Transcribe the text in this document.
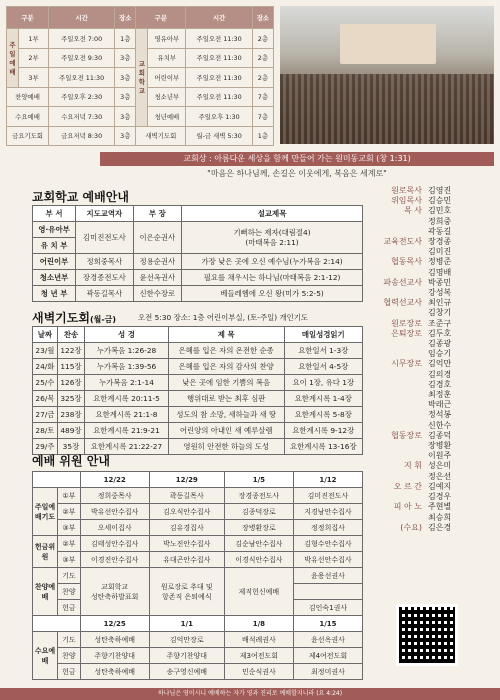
구분		시간	장소	구분		시간	장소
주일예배	1부	주일오전 7:00	1층	교회학교	영유아부	주일오전 11:30	2층
	2부	주일오전 9:30	3층		유치부	주일오전 11:30	2층
	3부	주일오전 11:30	3층		어린이부	주일오전 11:30	2층
찬양예배		주일오후 2:30	3층		청소년부	주일오전 11:30	7층
수요예배		수요저녁 7:30	3층		청년예배	주일오후 1:30	7층
금요기도회		금요저녁 8:30	3층	새벽기도회		월-금 새벽 5:30	1층
교회상 : 아름다운 세상을 함께 만들어 가는 원미동교회 (창 1:31)
"마음은 하나님께, 손길은 이웃에게, 복음은 세계로"
교회학교 예배안내
부 서	지도교역자	부 장	설교제목
영·유아부	김미진전도사	이은순권사	기뻐하는 제자(대림절4)
(마태복음 2:11)
유 치 부			
어린이부	정희중목사	정용순권사	가장 낮은 곳에 오신 예수님(누가복음 2:14)
청소년부	장경종전도사	윤선옥권사	필요를 채우시는 하나님(마태복음 2:1-12)
청 년 부	곽동길목사	신한수장로	베들레헴에 오신 왕(미가 5:2-5)
새벽기도회(월-금)	오전 5:30 장소: 1층 어린이부실, (토-주일) 개인기도
날짜	찬송	성 경	제 목	매일성경읽기
23/월	122장	누가복음 1:26-28	은혜를 입은 자의 온전한 순종	요한일서 1-3장
24/화	115장	누가복음 1:39-56	은혜를 입은 자의 감사의 찬양	요한일서 4-5장
25/수	126장	누가복음 2:1-14	낮은 곳에 임한 기쁨의 복음	요이 1장, 유다 1장
26/목	325장	요한계시록 20:11-5	행위대로 받는 최후 심판	요한계시록 1-4장
27/금	238장	요한계시록 21:1-8	성도의 참 소망, 새하늘과 새 땅	요한계시록 5-8장
28/토	489장	요한계시록 21:9-21	어린양의 아내인 새 예루살렘	요한계시록 9-12장
29/주	35장	요한계시록 21:22-27	영원히 안전한 하늘의 도성	요한계시록 13-16장
예배 위원 안내
		12/22	12/29	1/5	1/12
주일예배기도	①부	정희중목사	곽동길목사	장경종전도사	김미진전도사
	②부	박유선안수집사	김오식안수집사	김종덕장로	지경남안수집사
	③부	오세이집사	김유경집사	장병환장로	정정희집사
헌금위원	②부	김태성안수집사	박노진안수집사	김순남안수집사	김형수안수집사
	③부	이경진안수집사	유대곤안수집사	이경식안수집사	박유선안수집사
찬양예배	기도	교회학교
성탄축하발표회	원로장로 추대 및
항존직 은퇴예식	제직헌신예배	윤용선권사
	찬양				
	헌금				김인숙1권사
		12/25	1/1	1/8	1/15
수요예배	기도	성탄축하예배	김억만장로	배석례권사	윤선옥권사
	찬양	주향기찬양대	주향기찬양대	제3여전도회	제4여전도회
	헌금	성탄축하예배	송구영신예배	민순식권사	최정미권사
원로목사 김영진
위임목사 김승민
목 사 김민호
정희중
곽동길
교육전도사 장경종
김미진
협동목사 정병준
김명배
파송선교사 박종민
강성복
협력선교사 최인규
김창기
원로장로 조준구
은퇴장로 김두호
김종광
임승기
시무장로 김억만
김의경
김경호
최정훈
박래근
정석봉
신한수
협동장로 김종덕
장병환
이원주
지 휘 성은미
정은선
오 르 간 김예지
김경우
피 아 노 주현별
최승희
(수요) 김은경
하나님은 영이시니 예배하는 자가 영과 진리로 예배할지니라 (요 4:24)
